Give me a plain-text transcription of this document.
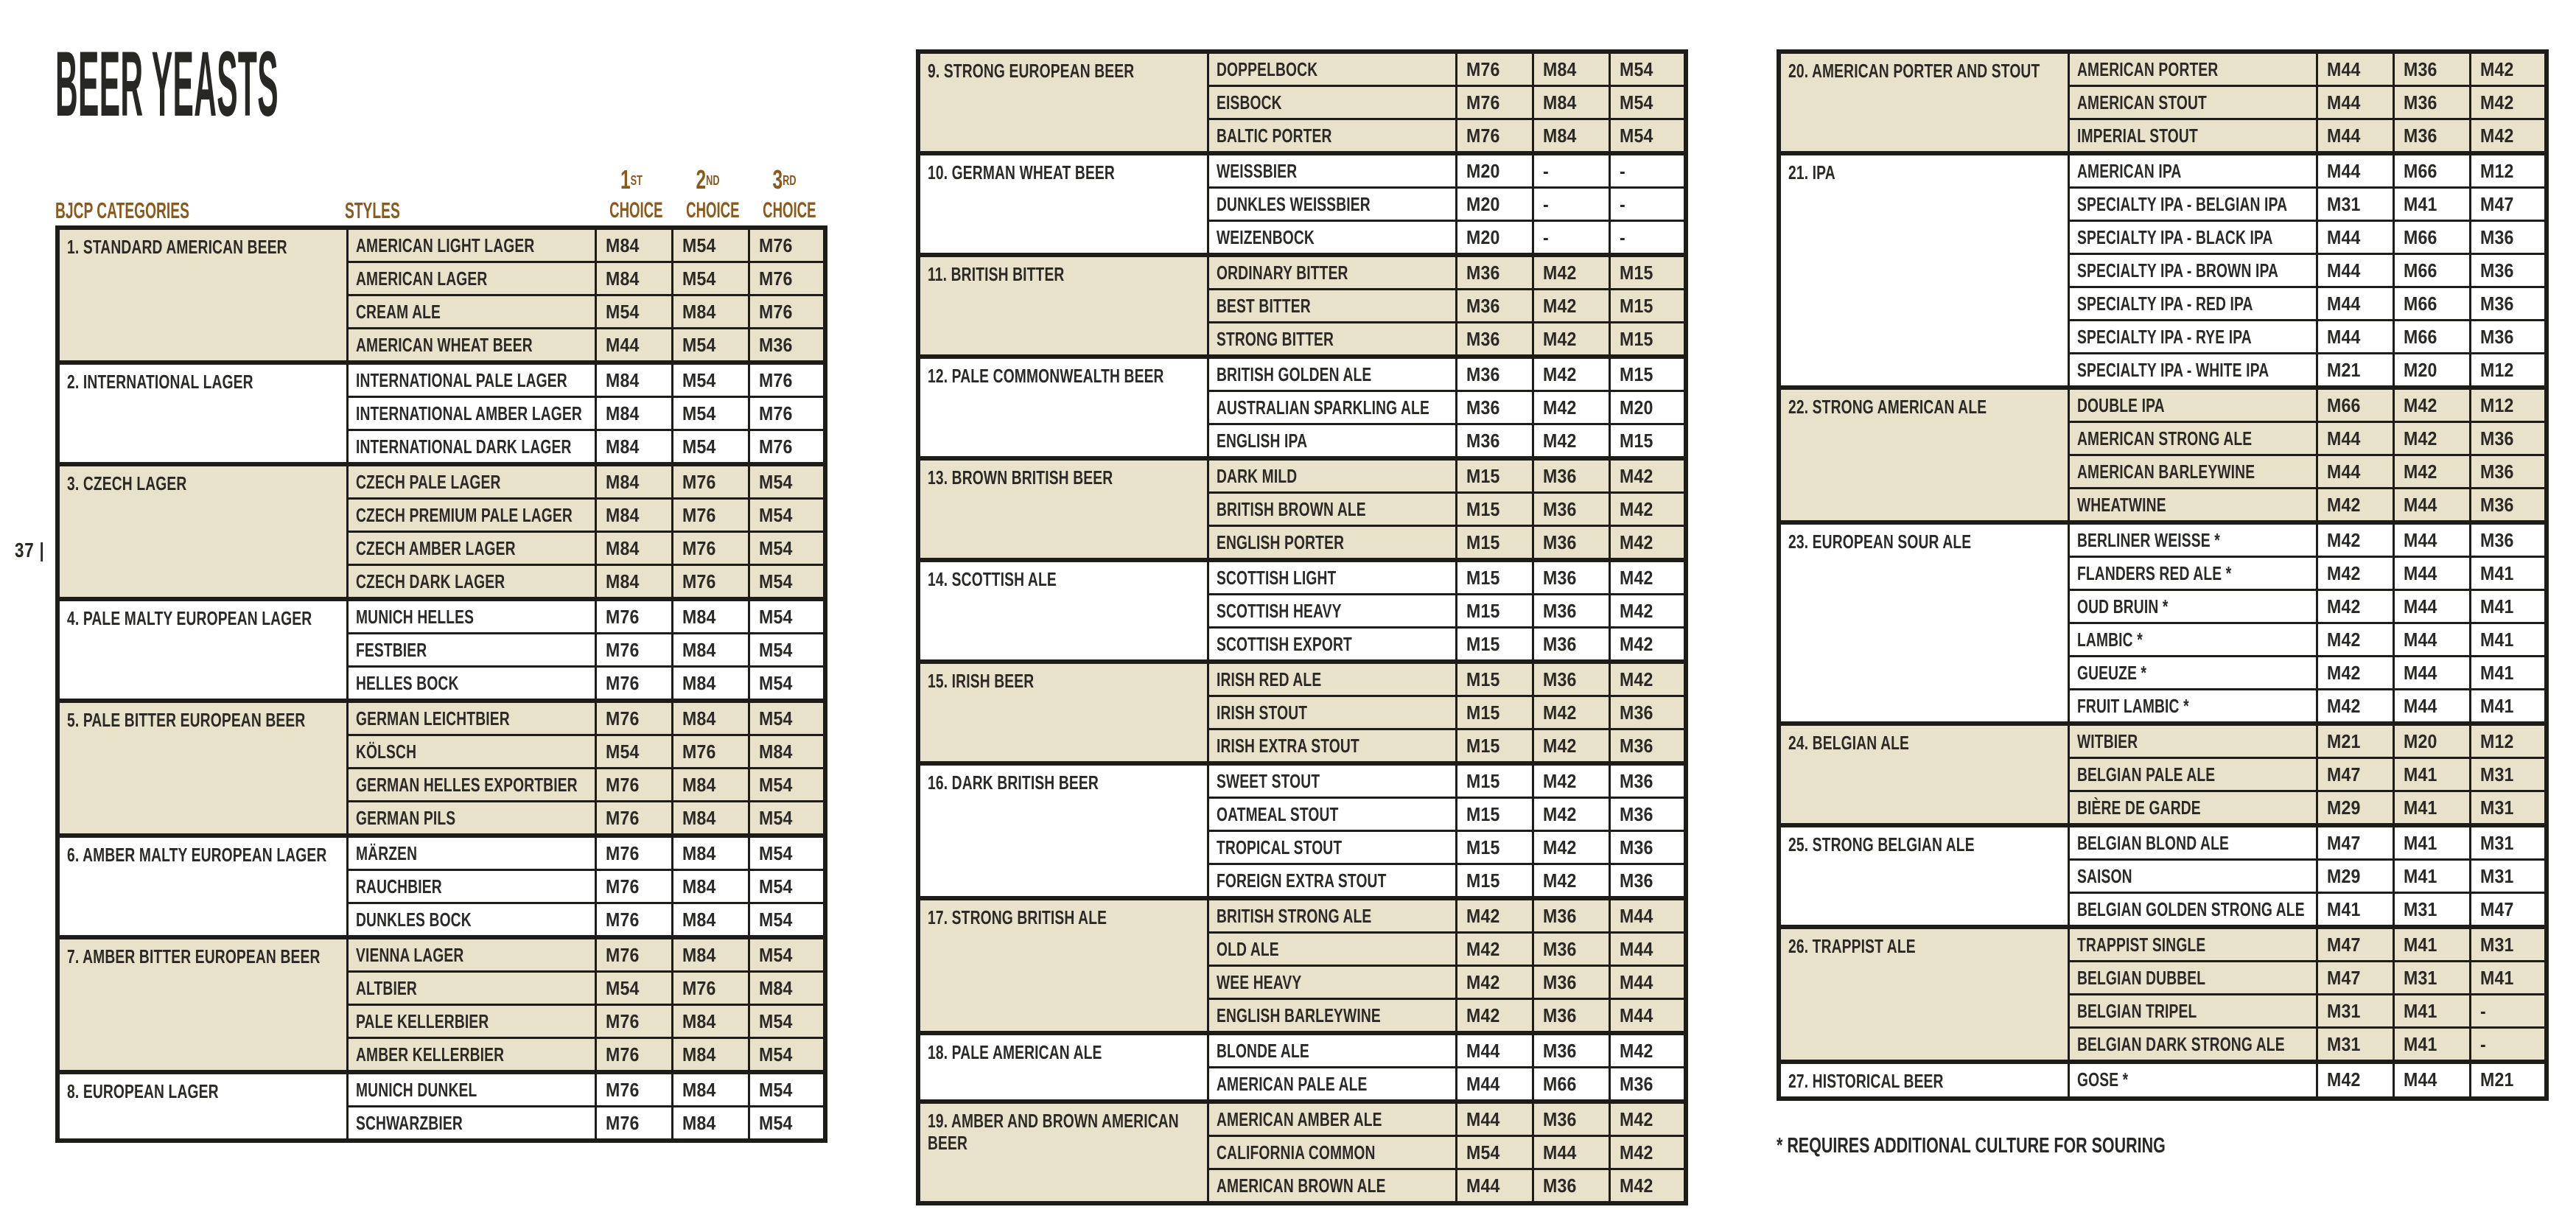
37 |
BEER YEASTS
BJCP CATEGORIES	STYLES
1ST
CHOICE
2ND
CHOICE
3RD
CHOICE
1. STANDARD AMERICAN BEER	AMERICAN LIGHT LAGER	M84	M54	M76
	AMERICAN LAGER	M84	M54	M76
	CREAM ALE	M54	M84	M76
	AMERICAN WHEAT BEER	M44	M54	M36
2. INTERNATIONAL LAGER	INTERNATIONAL PALE LAGER	M84	M54	M76
	INTERNATIONAL AMBER LAGER	M84	M54	M76
	INTERNATIONAL DARK LAGER	M84	M54	M76
3. CZECH LAGER	CZECH PALE LAGER	M84	M76	M54
	CZECH PREMIUM PALE LAGER	M84	M76	M54
	CZECH AMBER LAGER	M84	M76	M54
	CZECH DARK LAGER	M84	M76	M54
4. PALE MALTY EUROPEAN LAGER	MUNICH HELLES	M76	M84	M54
	FESTBIER	M76	M84	M54
	HELLES BOCK	M76	M84	M54
5. PALE BITTER EUROPEAN BEER	GERMAN LEICHTBIER	M76	M84	M54
	KÖLSCH	M54	M76	M84
	GERMAN HELLES EXPORTBIER	M76	M84	M54
	GERMAN PILS	M76	M84	M54
6. AMBER MALTY EUROPEAN LAGER	MÄRZEN	M76	M84	M54
	RAUCHBIER	M76	M84	M54
	DUNKLES BOCK	M76	M84	M54
7. AMBER BITTER EUROPEAN BEER	VIENNA LAGER	M76	M84	M54
	ALTBIER	M54	M76	M84
	PALE KELLERBIER	M76	M84	M54
	AMBER KELLERBIER	M76	M84	M54
8. EUROPEAN LAGER	MUNICH DUNKEL	M76	M84	M54
	SCHWARZBIER	M76	M84	M54
9. STRONG EUROPEAN BEER	DOPPELBOCK	M76	M84	M54
	EISBOCK	M76	M84	M54
	BALTIC PORTER	M76	M84	M54
10. GERMAN WHEAT BEER	WEISSBIER	M20	-	-
	DUNKLES WEISSBIER	M20	-	-
	WEIZENBOCK	M20	-	-
11. BRITISH BITTER	ORDINARY BITTER	M36	M42	M15
	BEST BITTER	M36	M42	M15
	STRONG BITTER	M36	M42	M15
12. PALE COMMONWEALTH BEER	BRITISH GOLDEN ALE	M36	M42	M15
	AUSTRALIAN SPARKLING ALE	M36	M42	M20
	ENGLISH IPA	M36	M42	M15
13. BROWN BRITISH BEER	DARK MILD	M15	M36	M42
	BRITISH BROWN ALE	M15	M36	M42
	ENGLISH PORTER	M15	M36	M42
14. SCOTTISH ALE	SCOTTISH LIGHT	M15	M36	M42
	SCOTTISH HEAVY	M15	M36	M42
	SCOTTISH EXPORT	M15	M36	M42
15. IRISH BEER	IRISH RED ALE	M15	M36	M42
	IRISH STOUT	M15	M42	M36
	IRISH EXTRA STOUT	M15	M42	M36
16. DARK BRITISH BEER	SWEET STOUT	M15	M42	M36
	OATMEAL STOUT	M15	M42	M36
	TROPICAL STOUT	M15	M42	M36
	FOREIGN EXTRA STOUT	M15	M42	M36
17. STRONG BRITISH ALE	BRITISH STRONG ALE	M42	M36	M44
	OLD ALE	M42	M36	M44
	WEE HEAVY	M42	M36	M44
	ENGLISH BARLEYWINE	M42	M36	M44
18. PALE AMERICAN ALE	BLONDE ALE	M44	M36	M42
	AMERICAN PALE ALE	M44	M66	M36
19. AMBER AND BROWN AMERICAN BEER	AMERICAN AMBER ALE	M44	M36	M42
	CALIFORNIA COMMON	M54	M44	M42
	AMERICAN BROWN ALE	M44	M36	M42
20. AMERICAN PORTER AND STOUT	AMERICAN PORTER	M44	M36	M42
	AMERICAN STOUT	M44	M36	M42
	IMPERIAL STOUT	M44	M36	M42
21. IPA	AMERICAN IPA	M44	M66	M12
	SPECIALTY IPA - BELGIAN IPA	M31	M41	M47
	SPECIALTY IPA - BLACK IPA	M44	M66	M36
	SPECIALTY IPA - BROWN IPA	M44	M66	M36
	SPECIALTY IPA - RED IPA	M44	M66	M36
	SPECIALTY IPA - RYE IPA	M44	M66	M36
	SPECIALTY IPA - WHITE IPA	M21	M20	M12
22. STRONG AMERICAN ALE	DOUBLE IPA	M66	M42	M12
	AMERICAN STRONG ALE	M44	M42	M36
	AMERICAN BARLEYWINE	M44	M42	M36
	WHEATWINE	M42	M44	M36
23. EUROPEAN SOUR ALE	BERLINER WEISSE *	M42	M44	M36
	FLANDERS RED ALE *	M42	M44	M41
	OUD BRUIN *	M42	M44	M41
	LAMBIC *	M42	M44	M41
	GUEUZE *	M42	M44	M41
	FRUIT LAMBIC *	M42	M44	M41
24. BELGIAN ALE	WITBIER	M21	M20	M12
	BELGIAN PALE ALE	M47	M41	M31
	BIÈRE DE GARDE	M29	M41	M31
25. STRONG BELGIAN ALE	BELGIAN BLOND ALE	M47	M41	M31
	SAISON	M29	M41	M31
	BELGIAN GOLDEN STRONG ALE	M41	M31	M47
26. TRAPPIST ALE	TRAPPIST SINGLE	M47	M41	M31
	BELGIAN DUBBEL	M47	M31	M41
	BELGIAN TRIPEL	M31	M41	-
	BELGIAN DARK STRONG ALE	M31	M41	-
27. HISTORICAL BEER	GOSE *	M42	M44	M21
* REQUIRES ADDITIONAL CULTURE FOR SOURING
